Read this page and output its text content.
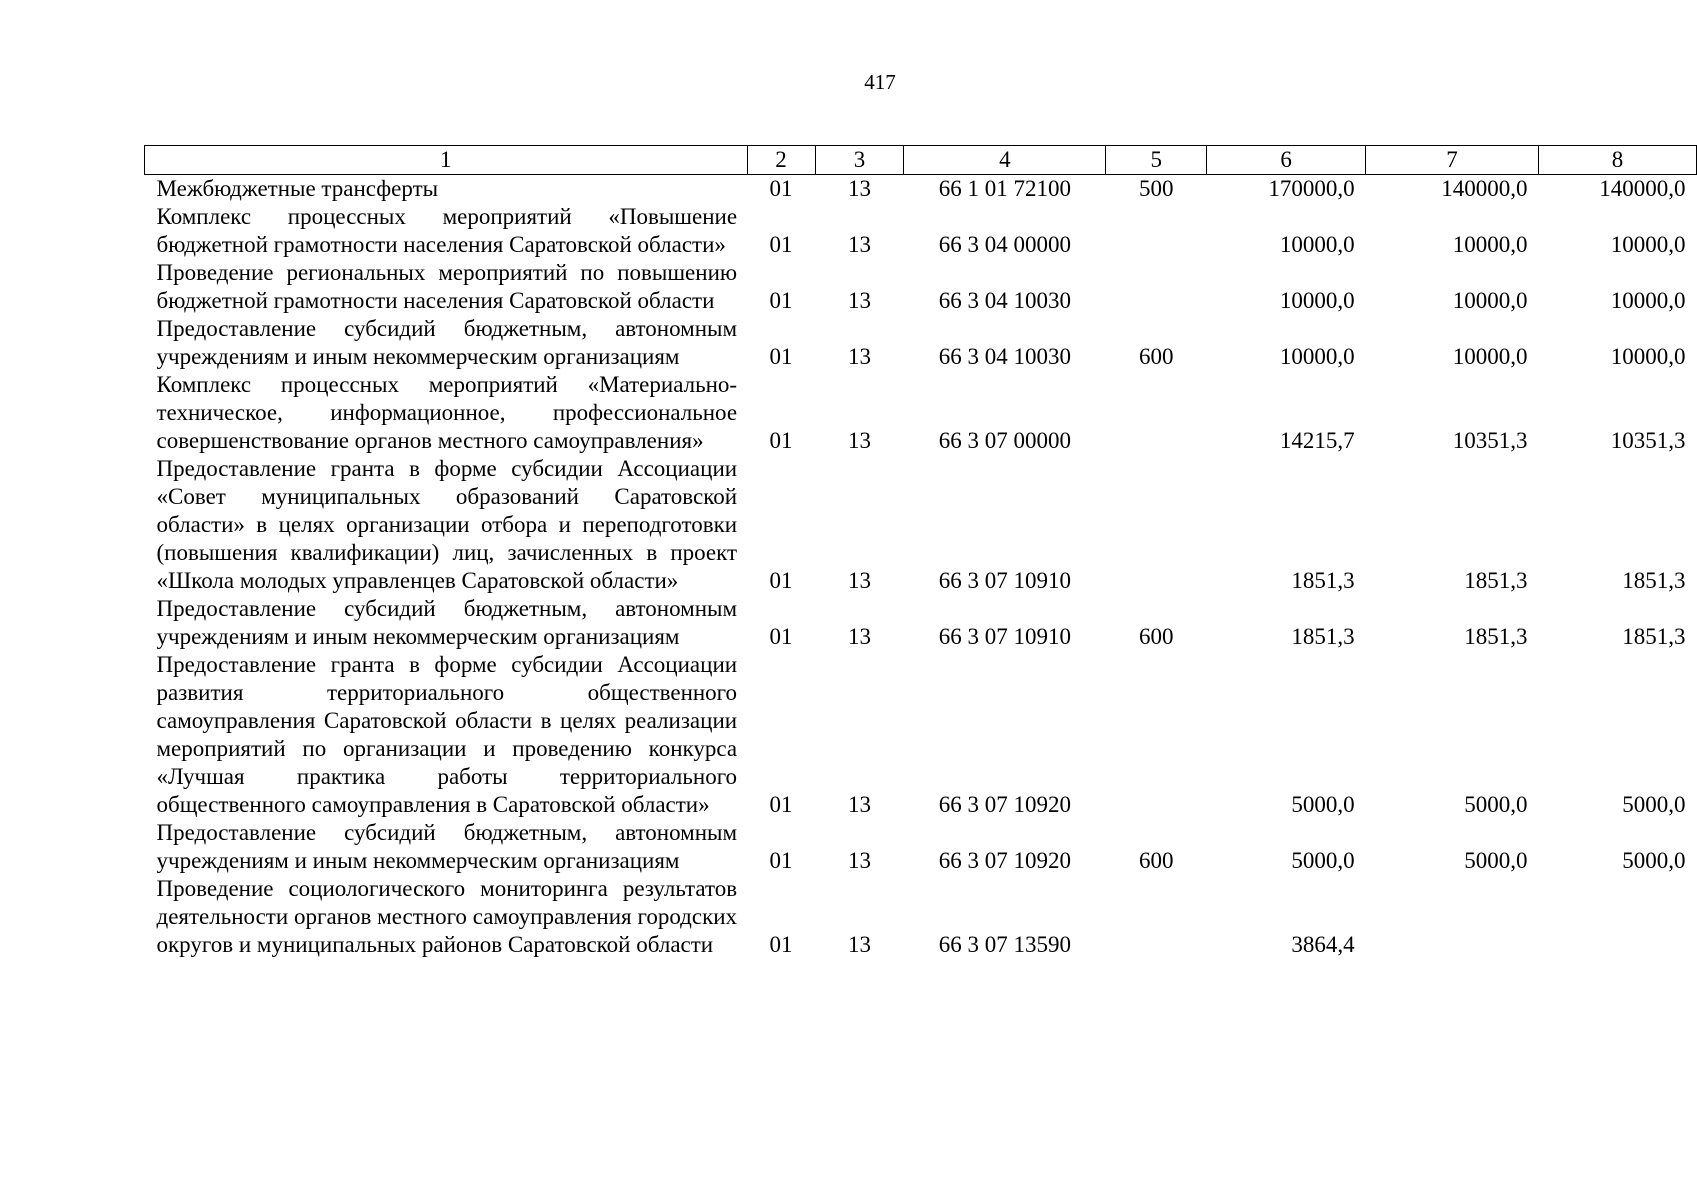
417
1	2	3	4	5	6	7	8
Межбюджетные трансферты	01	13	66 1 01 72100	500	170000,0	140000,0	140000,0
Комплекс процессных мероприятий «Повышение бюджетной грамотности населения Саратовской области»	01	13	66 3 04 00000		10000,0	10000,0	10000,0
Проведение региональных мероприятий по повышению бюджетной грамотности населения Саратовской области	01	13	66 3 04 10030		10000,0	10000,0	10000,0
Предоставление субсидий бюджетным, автономным учреждениям и иным некоммерческим организациям	01	13	66 3 04 10030	600	10000,0	10000,0	10000,0
Комплекс процессных мероприятий «Материально-техническое, информационное, профессиональное совершенствование органов местного самоуправления»	01	13	66 3 07 00000		14215,7	10351,3	10351,3
Предоставление гранта в форме субсидии Ассоциации «Совет муниципальных образований Саратовской области» в целях организации отбора и переподготовки (повышения квалификации) лиц, зачисленных в проект «Школа молодых управленцев Саратовской области»	01	13	66 3 07 10910		1851,3	1851,3	1851,3
Предоставление субсидий бюджетным, автономным учреждениям и иным некоммерческим организациям	01	13	66 3 07 10910	600	1851,3	1851,3	1851,3
Предоставление гранта в форме субсидии Ассоциации развития территориального общественного самоуправления Саратовской области в целях реализации мероприятий по организации и проведению конкурса «Лучшая практика работы территориального общественного самоуправления в Саратовской области»	01	13	66 3 07 10920		5000,0	5000,0	5000,0
Предоставление субсидий бюджетным, автономным учреждениям и иным некоммерческим организациям	01	13	66 3 07 10920	600	5000,0	5000,0	5000,0
Проведение социологического мониторинга результатов деятельности органов местного самоуправления городских округов и муниципальных районов Саратовской области	01	13	66 3 07 13590		3864,4		
